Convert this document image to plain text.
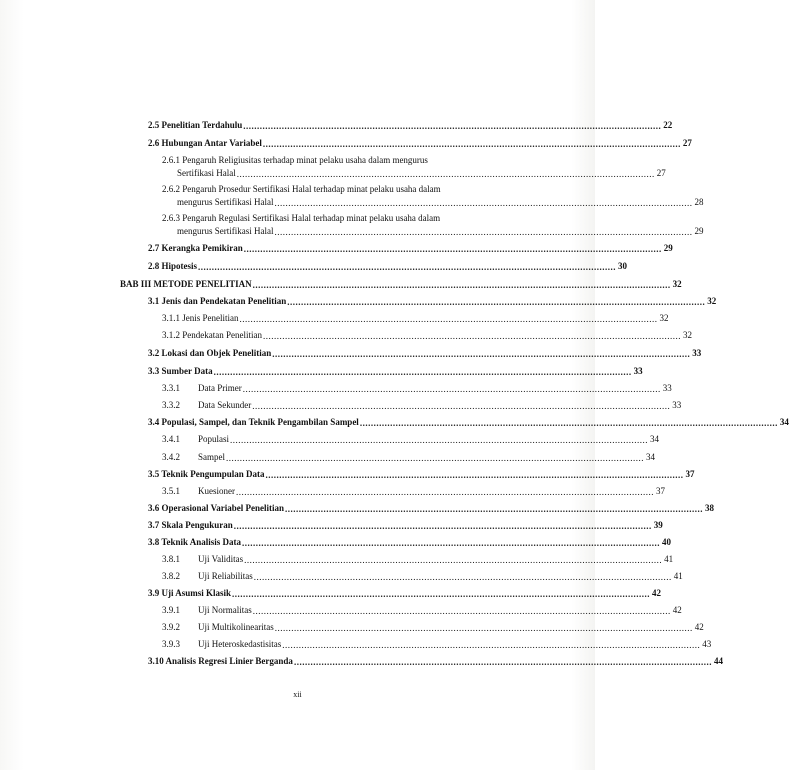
2.5 Penelitian Terdahulu ........................................................................................................................................................ 22
2.6 Hubungan Antar Variabel ........................................................................................................................................................ 27
2.6.1 Pengaruh Religiusitas terhadap minat pelaku usaha dalam mengurus
Sertifikasi Halal ........................................................................................................................................................ 27
2.6.2 Pengaruh Prosedur Sertifikasi Halal terhadap minat pelaku usaha dalam
mengurus Sertifikasi Halal ........................................................................................................................................................ 28
2.6.3 Pengaruh Regulasi Sertifikasi Halal terhadap minat pelaku usaha dalam
mengurus Sertifikasi Halal ........................................................................................................................................................ 29
2.7 Kerangka Pemikiran ........................................................................................................................................................ 29
2.8 Hipotesis ........................................................................................................................................................ 30
BAB III METODE PENELITIAN ........................................................................................................................................................ 32
3.1 Jenis dan Pendekatan Penelitian ........................................................................................................................................................ 32
3.1.1 Jenis Penelitian ........................................................................................................................................................ 32
3.1.2 Pendekatan Penelitian ........................................................................................................................................................ 32
3.2 Lokasi dan Objek Penelitian ........................................................................................................................................................ 33
3.3 Sumber Data ........................................................................................................................................................ 33
3.3.1 Data Primer ........................................................................................................................................................ 33
3.3.2 Data Sekunder ........................................................................................................................................................ 33
3.4 Populasi, Sampel, dan Teknik Pengambilan Sampel ........................................................................................................................................................ 34
3.4.1 Populasi ........................................................................................................................................................ 34
3.4.2 Sampel ........................................................................................................................................................ 34
3.5 Teknik Pengumpulan Data ........................................................................................................................................................ 37
3.5.1 Kuesioner ........................................................................................................................................................ 37
3.6 Operasional Variabel Penelitian ........................................................................................................................................................ 38
3.7 Skala Pengukuran ........................................................................................................................................................ 39
3.8 Teknik Analisis Data ........................................................................................................................................................ 40
3.8.1 Uji Validitas ........................................................................................................................................................ 41
3.8.2 Uji Reliabilitas ........................................................................................................................................................ 41
3.9 Uji Asumsi Klasik ........................................................................................................................................................ 42
3.9.1 Uji Normalitas ........................................................................................................................................................ 42
3.9.2 Uji Multikolinearitas ........................................................................................................................................................ 42
3.9.3 Uji Heteroskedastisitas ........................................................................................................................................................ 43
3.10 Analisis Regresi Linier Berganda ........................................................................................................................................................ 44
xii
